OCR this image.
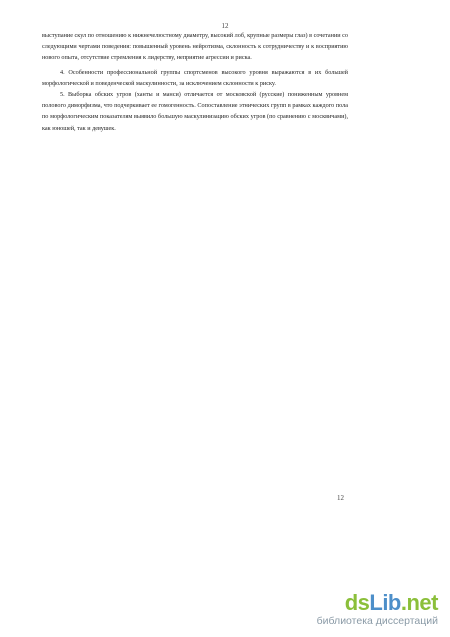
12

выступание скул по отношению к нижнечелюстному диаметру, высокий лоб, крупные размеры глаз) в сочетании со следующими чертами поведения: повышенный уровень нейротизма, склонность к сотрудничеству и к восприятию нового опыта, отсутствие стремления к лидерству, неприятие агрессии и риска.

4. Особенности профессиональной группы спортсменов высокого уровня выражаются в их большей морфологической и поведенческой маскулинности, за исключением склонности к риску.

5. Выборка обских угров (ханты и манси) отличается от московской (русские) пониженным уровнем полового диморфизма, что подчеркивает ее гомогенность. Сопоставление этнических групп в рамках каждого пола по морфологическим показателям выявило большую маскулинизацию обских угров (по сравнению с москвичами), как юношей, так и девушек.

12
dsLib.net
библиотека диссертаций
